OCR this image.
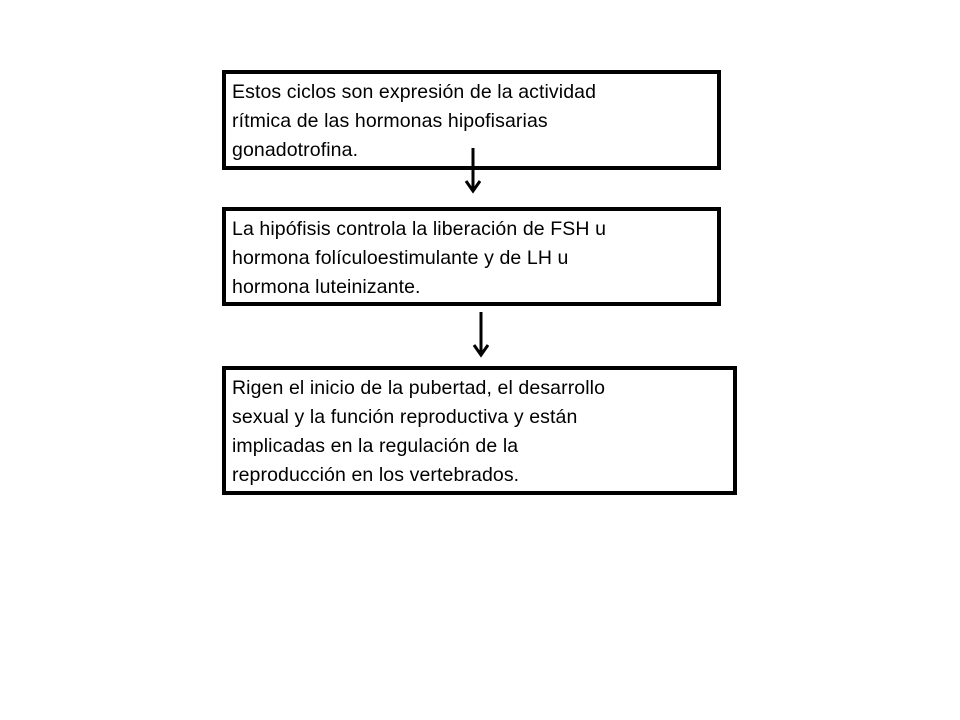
Estos ciclos son expresión de la actividad
rítmica de las hormonas hipofisarias
gonadotrofina.
La hipófisis controla la liberación de FSH u
hormona folículoestimulante y de LH u
hormona luteinizante.
Rigen el inicio de la pubertad, el desarrollo
sexual y la función reproductiva y están
implicadas en la regulación de la
reproducción en los vertebrados.
